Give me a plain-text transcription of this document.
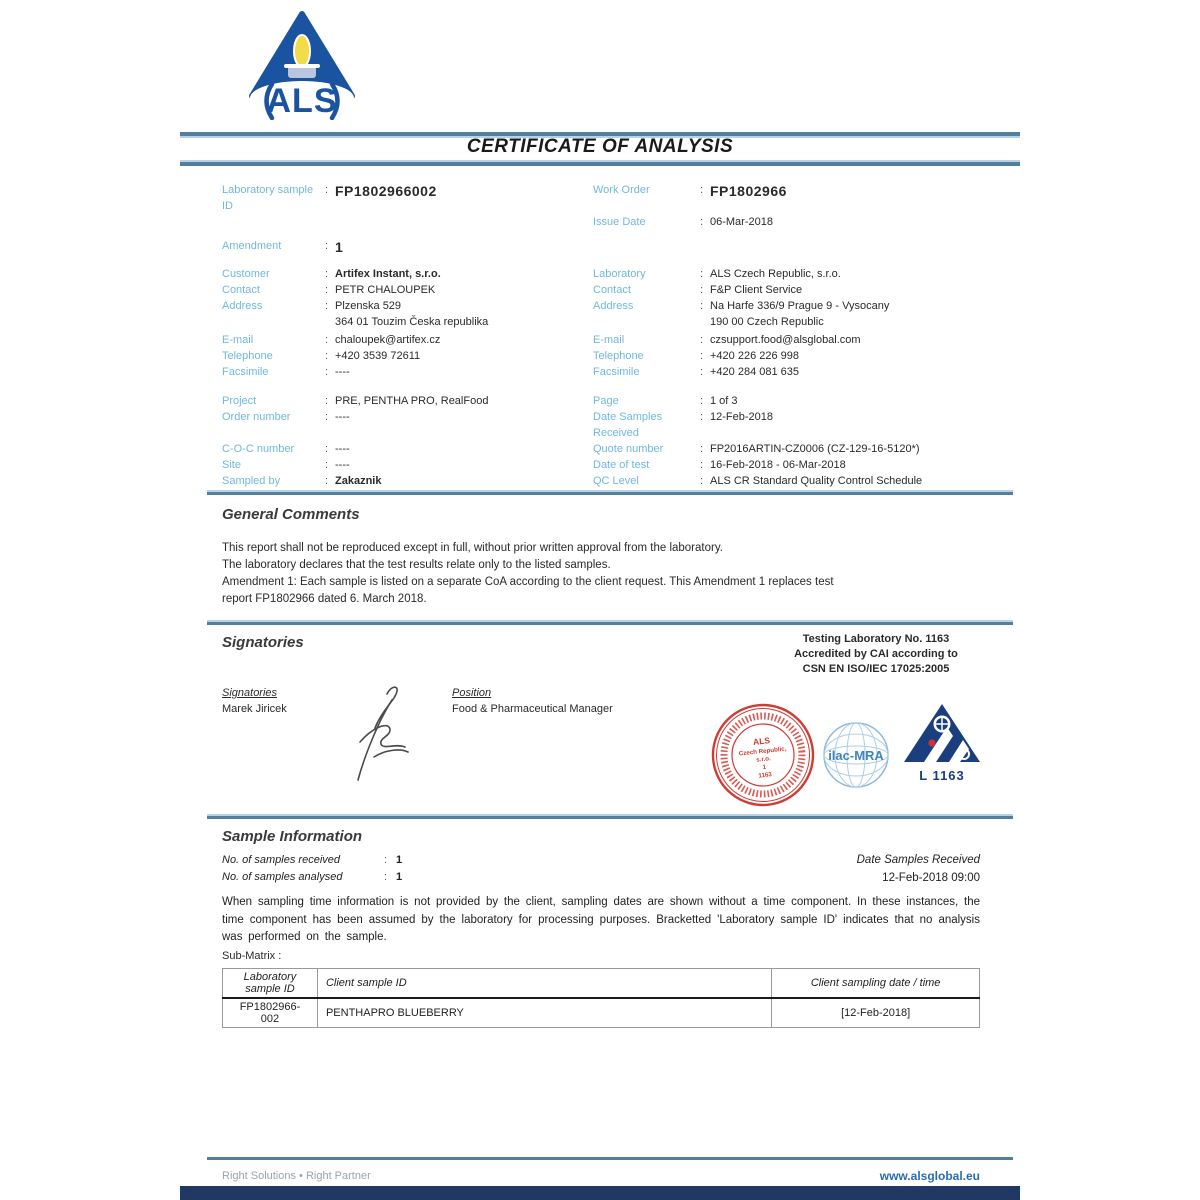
ALS
CERTIFICATE OF ANALYSIS
Laboratory sample ID
:
FP1802966002
Amendment :	1
Customer :	Artifex Instant, s.r.o.
Contact :	PETR CHALOUPEK
Address :	Plzenska 529
364 01 Touzim Česka republika
E-mail :	chaloupek@artifex.cz
Telephone :	+420 3539 72611
Facsimile :	----
Project :	PRE, PENTHA PRO, RealFood
Order number :	----
C-O-C number :	----
Site :	----
Sampled by :	Zakaznik
Work Order :	FP1802966
Issue Date :	06-Mar-2018
Laboratory :	ALS Czech Republic, s.r.o.
Contact :	F&P Client Service
Address :	Na Harfe 336/9 Prague 9 - Vysocany
190 00 Czech Republic
E-mail :	czsupport.food@alsglobal.com
Telephone :	+420 226 226 998
Facsimile :	+420 284 081 635
Page :	1 of 3
Date Samples Received
:
12-Feb-2018
Quote number :	FP2016ARTIN-CZ0006 (CZ-129-16-5120*)
Date of test :	16-Feb-2018 - 06-Mar-2018
QC Level :	ALS CR Standard Quality Control Schedule
General Comments
This report shall not be reproduced except in full, without prior written approval from the laboratory.
The laboratory declares that the test results relate only to the listed samples.
Amendment 1: Each sample is listed on a separate CoA according to the client request. This Amendment 1 replaces test
report FP1802966 dated 6. March 2018.
Signatories	Testing Laboratory No. 1163
Accredited by CAI according to
CSN EN ISO/IEC 17025:2005
Signatories
Marek Jiricek
Position
Food & Pharmaceutical Manager
ALS
Czech Republic,
s.r.o.
1
1163
ilac-MRA
L 1163
Sample Information
No. of samples received :	1
No. of samples analysed :	1
Date Samples Received
12-Feb-2018 09:00
When sampling time information is not provided by the client, sampling dates are shown without a time component. In these instances, the time component has been assumed by the laboratory for processing purposes. Bracketted 'Laboratory sample ID' indicates that no analysis was performed on the sample.
Sub-Matrix :
Laboratory sample ID	Client sample ID	Client sampling date / time
FP1802966-002	PENTHAPRO BLUEBERRY	[12-Feb-2018]
Right Solutions • Right Partner	www.alsglobal.eu
